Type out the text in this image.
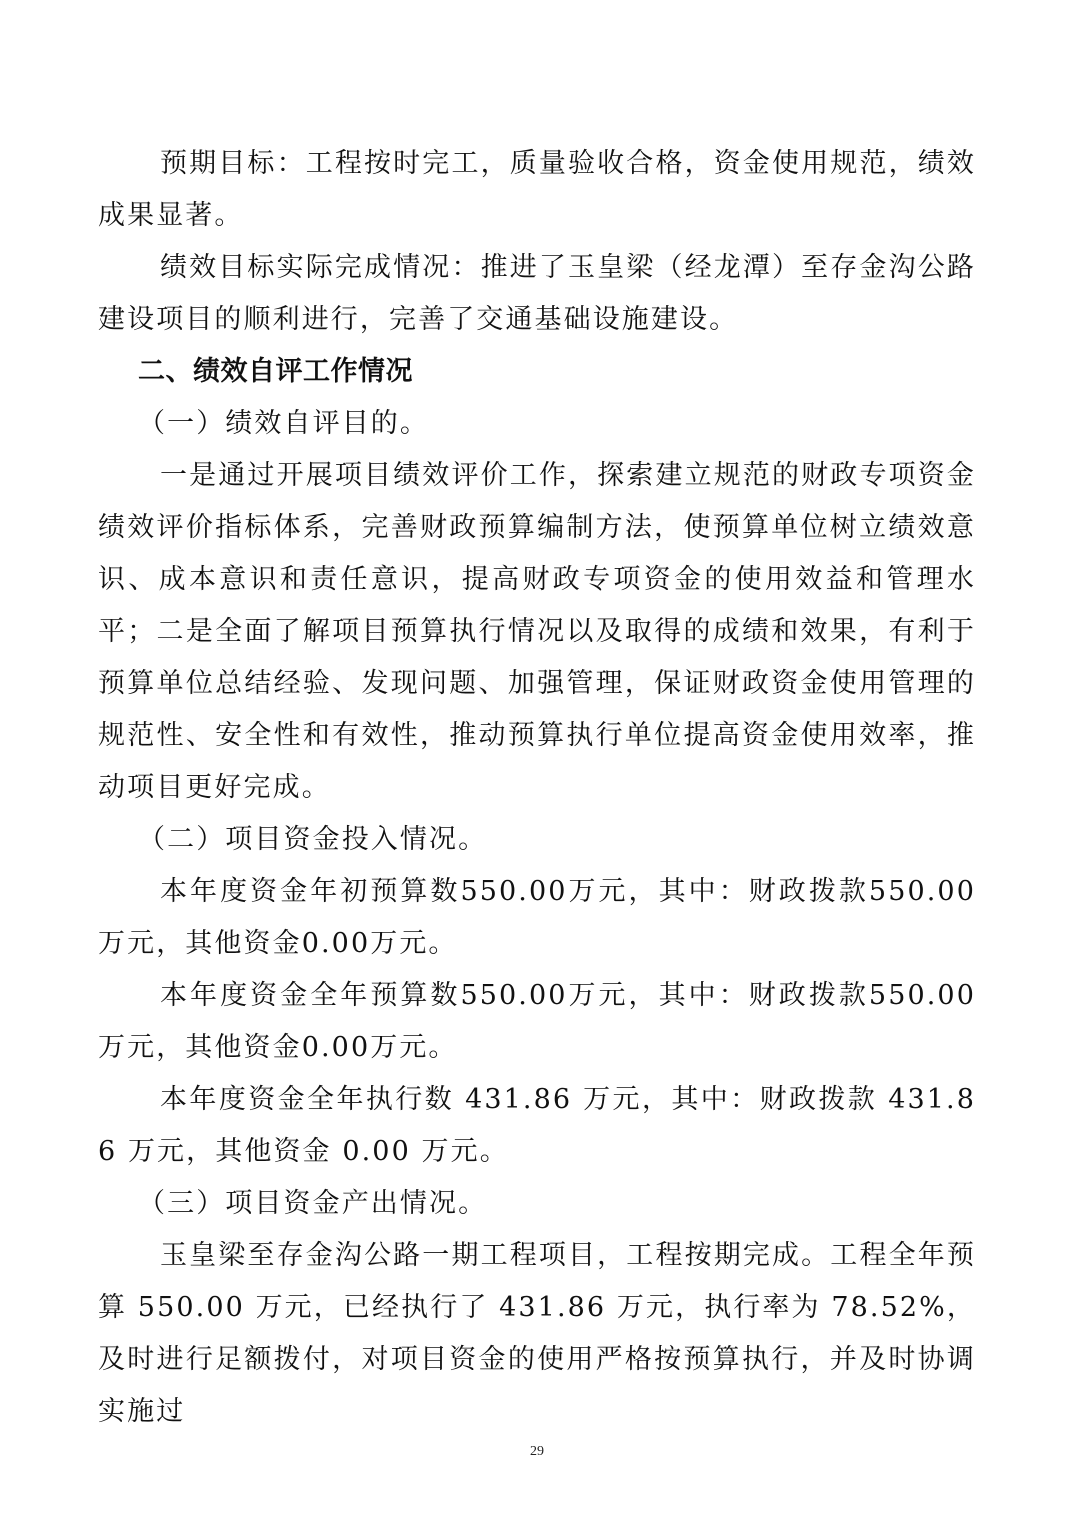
预期目标：工程按时完工，质量验收合格，资金使用规范，绩效成果显著。

绩效目标实际完成情况：推进了玉皇梁（经龙潭）至存金沟公路建设项目的顺利进行，完善了交通基础设施建设。

二、绩效自评工作情况

（一）绩效自评目的。

一是通过开展项目绩效评价工作，探索建立规范的财政专项资金绩效评价指标体系，完善财政预算编制方法，使预算单位树立绩效意识、成本意识和责任意识，提高财政专项资金的使用效益和管理水平；二是全面了解项目预算执行情况以及取得的成绩和效果，有利于预算单位总结经验、发现问题、加强管理，保证财政资金使用管理的规范性、安全性和有效性，推动预算执行单位提高资金使用效率，推动项目更好完成。

（二）项目资金投入情况。

本年度资金年初预算数550.00万元，其中：财政拨款550.00万元，其他资金0.00万元。

本年度资金全年预算数550.00万元，其中：财政拨款550.00万元，其他资金0.00万元。

本年度资金全年执行数 431.86 万元，其中：财政拨款 431.86 万元，其他资金 0.00 万元。

（三）项目资金产出情况。

玉皇梁至存金沟公路一期工程项目，工程按期完成。工程全年预算 550.00 万元，已经执行了 431.86 万元，执行率为 78.52%，及时进行足额拨付，对项目资金的使用严格按预算执行，并及时协调实施过

29
